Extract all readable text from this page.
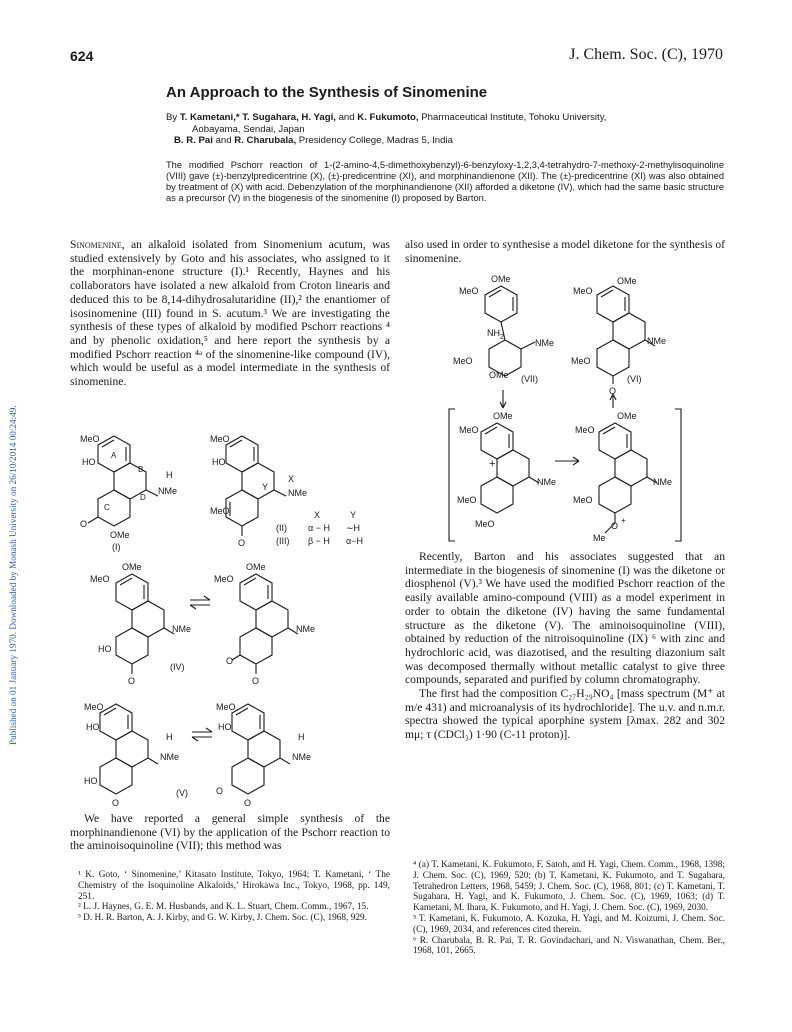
Published on 01 January 1970. Downloaded by Monash University on 26/10/2014 00:24:49.
624	J. Chem. Soc. (C), 1970
An Approach to the Synthesis of Sinomenine
By T. Kametani,* T. Sugahara, H. Yagi, and K. Fukumoto, Pharmaceutical Institute, Tohoku University,
Aobayama, Sendai, Japan
B. R. Pai and R. Charubala, Presidency College, Madras 5, India
The modified Pschorr reaction of 1-(2-amino-4,5-dimethoxybenzyl)-6-benzyloxy-1,2,3,4-tetrahydro-7-methoxy-2-methylisoquinoline (VIII) gave (±)-benzylpredicentrine (X), (±)-predicentrine (XI), and morphinandienone (XII). The (±)-predicentrine (XI) was also obtained by treatment of (X) with acid. Debenzylation of the morphinandienone (XII) afforded a diketone (IV), which had the same basic structure as a precursor (V) in the biogenesis of the sinomenine (I) proposed by Barton.

Sinomenine, an alkaloid isolated from Sinomenium acutum, was studied extensively by Goto and his associates, who assigned to it the morphinan-enone structure (I).¹ Recently, Haynes and his collaborators have isolated a new alkaloid from Croton linearis and deduced this to be 8,14-dihydrosalutaridine (II),² the enantiomer of isosinomenine (III) found in S. acutum.³ We are investigating the synthesis of these types of alkaloid by modified Pschorr reactions ⁴ and by phenolic oxidation,⁵ and here report the synthesis by a modified Pschorr reaction ⁴ᵃ of the sinomenine-like compound (IV), which would be useful as a model intermediate in the synthesis of sinomenine.

We have reported a general simple synthesis of the morphinandienone (VI) by the application of the Pschorr reaction to the aminoisoquinoline (VII); this method was

¹ K. Goto, ‘ Sinomenine,’ Kitasato Institute, Tokyo, 1964; T. Kametani, ‘ The Chemistry of the Isoquinoline Alkaloids,’ Hirokawa Inc., Tokyo, 1968, pp. 149, 251.

² L. J. Haynes, G. E. M. Husbands, and K. L. Stuart, Chem. Comm., 1967, 15.

³ D. H. R. Barton, A. J. Kirby, and G. W. Kirby, J. Chem. Soc. (C), 1968, 929.

also used in order to synthesise a model diketone for the synthesis of sinomenine.

Recently, Barton and his associates suggested that an intermediate in the biogenesis of sinomenine (I) was the diketone or diosphenol (V).³ We have used the modified Pschorr reaction of the easily available amino-compound (VIII) as a model experiment in order to obtain the diketone (IV) having the same fundamental structure as the diketone (V). The aminoisoquinoline (VIII), obtained by reduction of the nitroisoquinoline (IX) ⁶ with zinc and hydrochloric acid, was diazotised, and the resulting diazonium salt was decomposed thermally without metallic catalyst to give three compounds, separated and purified by column chromatography.

The first had the composition C₂₇H₂₉NO₄ [mass spectrum (M⁺ at m/e 431) and microanalysis of its hydrochloride]. The u.v. and n.m.r. spectra showed the typical aporphine system [λmax. 282 and 302 mμ; τ (CDCl₃) 1·90 (C-11 proton)].

⁴ (a) T. Kametani, K. Fukumoto, F. Satoh, and H. Yagi, Chem. Comm., 1968, 1398; J. Chem. Soc. (C), 1969, 520; (b) T. Kametani, K. Fukumoto, and T. Sugahara, Tetrahedron Letters, 1968, 5459; J. Chem. Soc. (C), 1968, 801; (c) T. Kametani, T. Sugahara, H. Yagi, and K. Fukumoto, J. Chem. Soc. (C), 1969, 1063; (d) T. Kametani, M. Ihara, K. Fukumoto, and H. Yagi, J. Chem. Soc. (C), 1969, 2030.

⁵ T. Kametani, K. Fukumoto, A. Kozuka, H. Yagi, and M. Koizumi, J. Chem. Soc. (C), 1969, 2034, and references cited therein.

⁶ R. Charubala, B. R. Pai, T. R. Govindachari, and N. Viswanathan, Chem. Ber., 1968, 101, 2665.

MeO
HO
A
B
C
D
H
NMe
O
OMe
(I)
MeO
HO
X
Y
NMe
MeO
O
X	Y
(II) α − H ∼H
(III) β − H α−H
OMe
MeO
NMe
HO
O
OMe
MeO
NMe
O
O
(IV)
MeO
HO
H
NMe
HO
O
MeO
HO
H
NMe
O
O
(V)
OMe
MeO
$NH_2$
NMe
MeO
OMe (VII)
OMe
MeO
NMe
MeO
O
(VI)
OMe
MeO
+
NMe
MeO
MeO
OMe
MeO
NMe
MeO
O
+
Me
